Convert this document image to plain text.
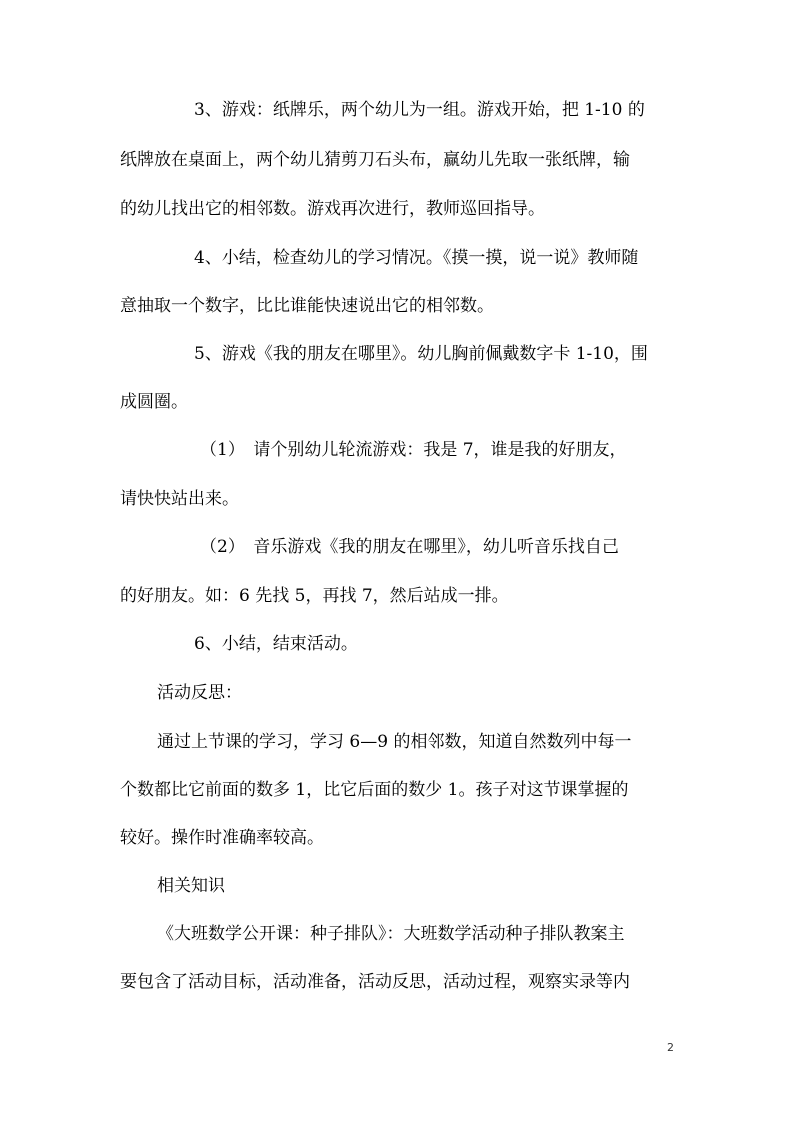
3、游戏：纸牌乐，两个幼儿为一组。游戏开始，把 1-10 的
纸牌放在桌面上，两个幼儿猜剪刀石头布，赢幼儿先取一张纸牌，输
的幼儿找出它的相邻数。游戏再次进行，教师巡回指导。
4、小结，检查幼儿的学习情况。《摸一摸，说一说》教师随
意抽取一个数字，比比谁能快速说出它的相邻数。
5、游戏《我的朋友在哪里》。幼儿胸前佩戴数字卡 1-10，围
成圆圈。
（1）　请个别幼儿轮流游戏：我是 7，谁是我的好朋友，
请快快站出来。
（2）　音乐游戏《我的朋友在哪里》，幼儿听音乐找自己
的好朋友。如：6 先找 5，再找 7，然后站成一排。
6、小结，结束活动。
活动反思：
通过上节课的学习，学习 6—9 的相邻数，知道自然数列中每一
个数都比它前面的数多 1，比它后面的数少 1。孩子对这节课掌握的
较好。操作时准确率较高。
相关知识
《大班数学公开课：种子排队》：大班数学活动种子排队教案主
要包含了活动目标，活动准备，活动反思，活动过程，观察实录等内
2
